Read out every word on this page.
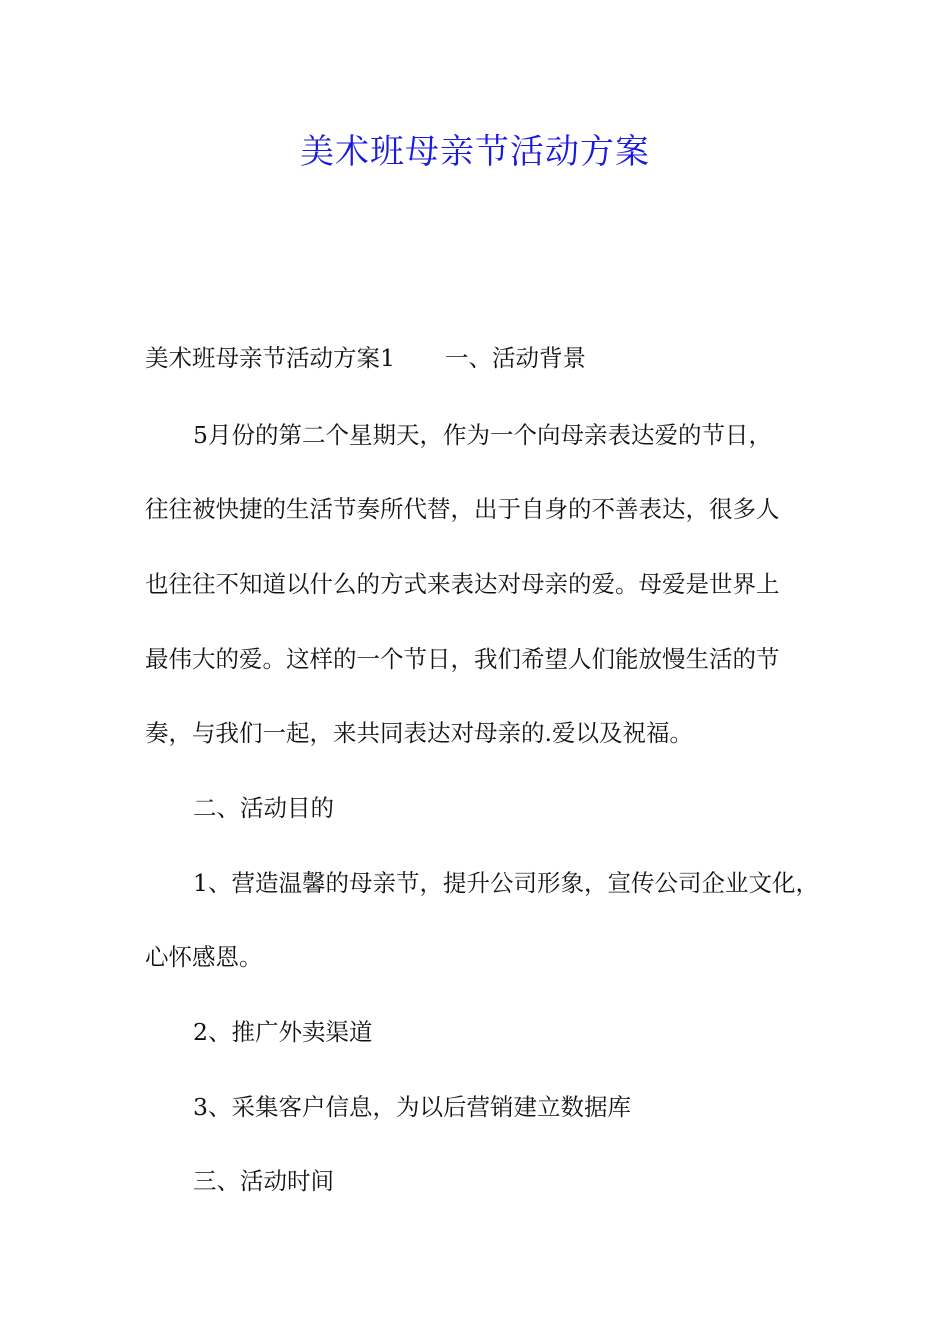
美术班母亲节活动方案

美术班母亲节活动方案1 一、活动背景

5月份的第二个星期天，作为一个向母亲表达爱的节日，

往往被快捷的生活节奏所代替，出于自身的不善表达，很多人

也往往不知道以什么的方式来表达对母亲的爱。母爱是世界上

最伟大的爱。这样的一个节日，我们希望人们能放慢生活的节

奏，与我们一起，来共同表达对母亲的.爱以及祝福。

二、活动目的

1、营造温馨的母亲节，提升公司形象，宣传公司企业文化，

心怀感恩。

2、推广外卖渠道

3、采集客户信息，为以后营销建立数据库

三、活动时间
